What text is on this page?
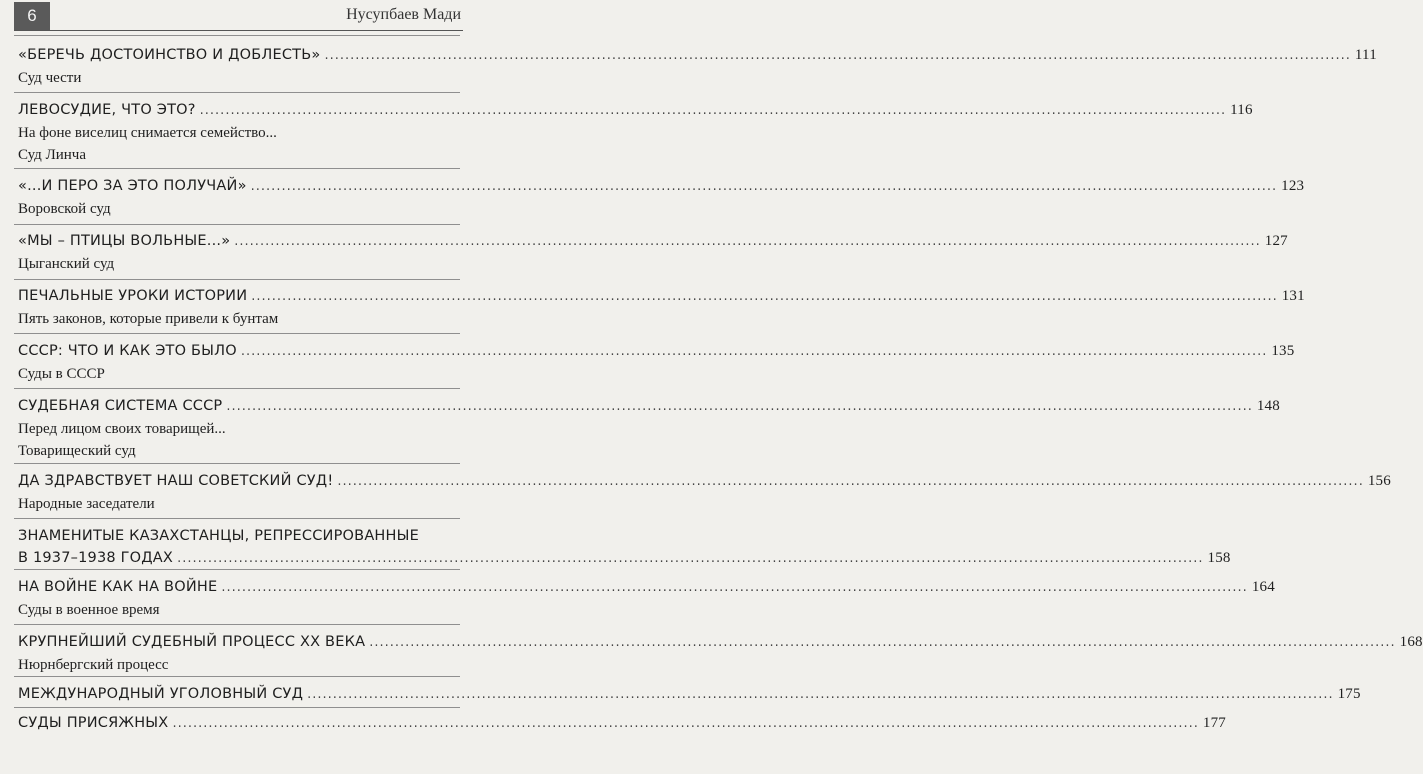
6	Нусупбаев Мади
«БЕРЕЧЬ ДОСТОИНСТВО И ДОБЛЕСТЬ» ........................................................................................................................................................................................................ 111
Суд чести
ЛЕВОСУДИЕ, ЧТО ЭТО? ........................................................................................................................................................................................................ 116
На фоне виселиц снимается семейство...
Суд Линча
«...И ПЕРО ЗА ЭТО ПОЛУЧАЙ» ........................................................................................................................................................................................................ 123
Воровской суд
«МЫ – ПТИЦЫ ВОЛЬНЫЕ...» ........................................................................................................................................................................................................ 127
Цыганский суд
ПЕЧАЛЬНЫЕ УРОКИ ИСТОРИИ ........................................................................................................................................................................................................ 131
Пять законов, которые привели к бунтам
СССР: ЧТО И КАК ЭТО БЫЛО ........................................................................................................................................................................................................ 135
Суды в СССР
СУДЕБНАЯ СИСТЕМА СССР ........................................................................................................................................................................................................ 148
Перед лицом своих товарищей...
Товарищеский суд
ДА ЗДРАВСТВУЕТ НАШ СОВЕТСКИЙ СУД! ........................................................................................................................................................................................................ 156
Народные заседатели
ЗНАМЕНИТЫЕ КАЗАХСТАНЦЫ, РЕПРЕССИРОВАННЫЕ
В 1937–1938 ГОДАХ ........................................................................................................................................................................................................ 158
НА ВОЙНЕ КАК НА ВОЙНЕ ........................................................................................................................................................................................................ 164
Суды в военное время
КРУПНЕЙШИЙ СУДЕБНЫЙ ПРОЦЕСС ХХ ВЕКА ........................................................................................................................................................................................................ 168
Нюрнбергский процесс
МЕЖДУНАРОДНЫЙ УГОЛОВНЫЙ СУД ........................................................................................................................................................................................................ 175
СУДЫ ПРИСЯЖНЫХ ........................................................................................................................................................................................................ 177
